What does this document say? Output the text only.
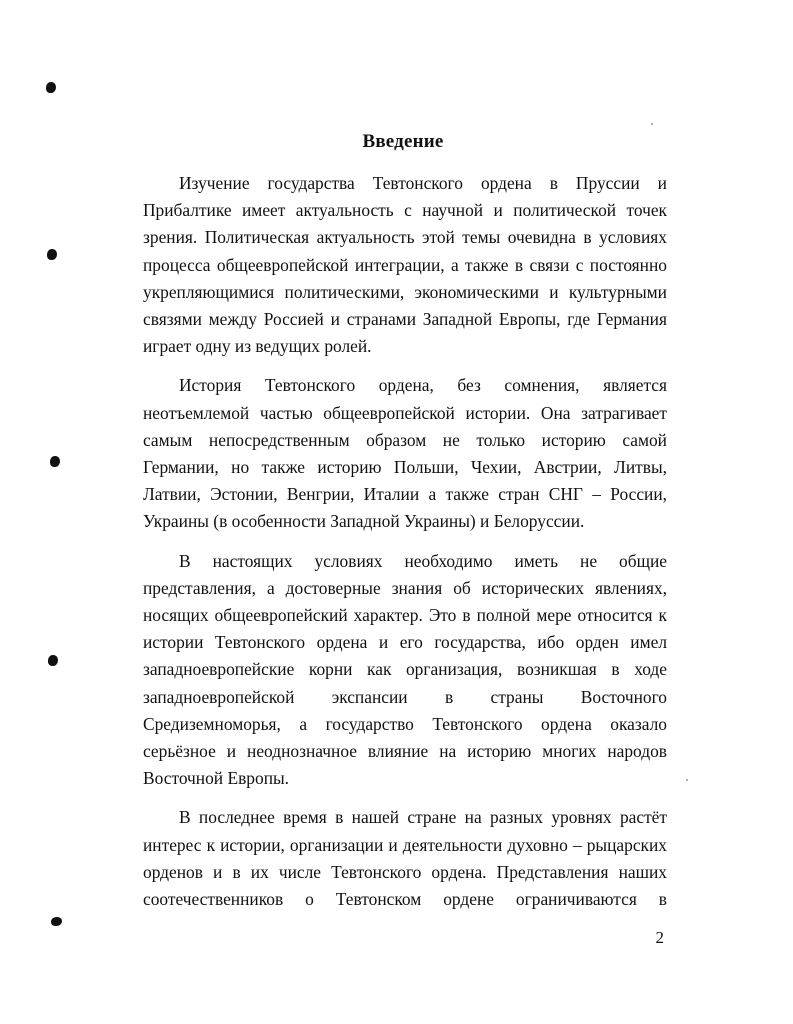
Введение

Изучение государства Тевтонского ордена в Пруссии и Прибалтике имеет актуальность с научной и политической точек зрения. Политическая актуальность этой темы очевидна в условиях процесса общеевропейской интеграции, а также в связи с постоянно укрепляющимися политическими, экономическими и культурными связями между Россией и странами Западной Европы, где Германия играет одну из ведущих ролей.

История Тевтонского ордена, без сомнения, является неотъемлемой частью общеевропейской истории. Она затрагивает самым непосредственным образом не только историю самой Германии, но также историю Польши, Чехии, Австрии, Литвы, Латвии, Эстонии, Венгрии, Италии а также стран СНГ – России, Украины (в особенности Западной Украины) и Белоруссии.

В настоящих условиях необходимо иметь не общие представления, а достоверные знания об исторических явлениях, носящих общеевропейский характер. Это в полной мере относится к истории Тевтонского ордена и его государства, ибо орден имел западноевропейские корни как организация, возникшая в ходе западноевропейской экспансии в страны Восточного Средиземноморья, а государство Тевтонского ордена оказало серьёзное и неоднозначное влияние на историю многих народов Восточной Европы.

В последнее время в нашей стране на разных уровнях растёт интерес к истории, организации и деятельности духовно – рыцарских орденов и в их числе Тевтонского ордена. Представления наших соотечественников о Тевтонском ордене ограничиваются в

2
